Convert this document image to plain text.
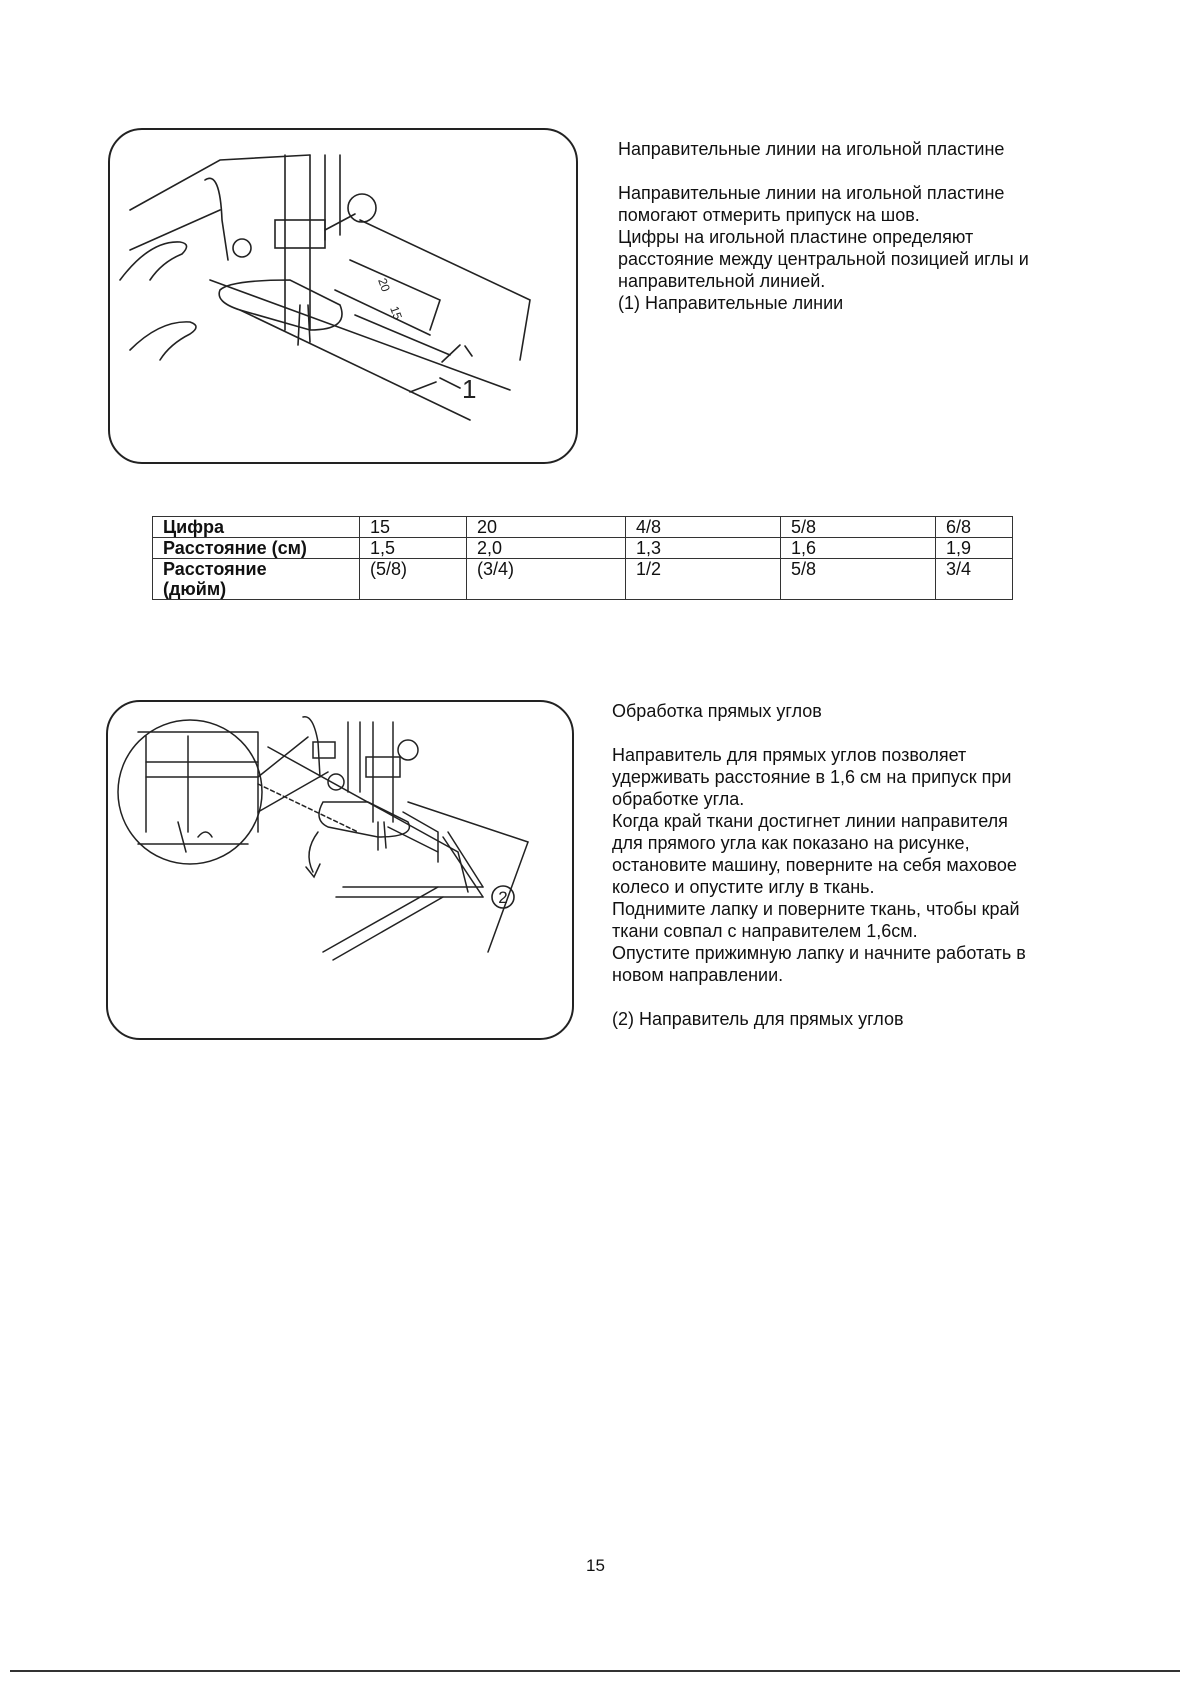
20
15
1
Направительные линии на игольной пластине

Направительные линии на игольной пластине

помогают отмерить припуск на шов.

Цифры на игольной пластине определяют

расстояние между центральной позицией иглы и

направительной линией.

(1) Направительные линии

Цифра	15	20	4/8	5/8	6/8
Расстояние (см)	1,5	2,0	1,3	1,6	1,9

Расстояние
(дюйм)	(5/8)	(3/4)	1/2	5/8	3/4
2
Обработка прямых углов

Направитель для прямых углов позволяет

удерживать расстояние в 1,6 см на припуск при

обработке угла.

Когда край ткани достигнет линии направителя

для прямого угла как показано на рисунке,

остановите машину, поверните на себя маховое

колесо и опустите иглу в ткань.

Поднимите лапку и поверните ткань, чтобы край

ткани совпал с направителем 1,6см.

Опустите прижимную лапку и начните работать в

новом направлении.

(2) Направитель для прямых углов

15
